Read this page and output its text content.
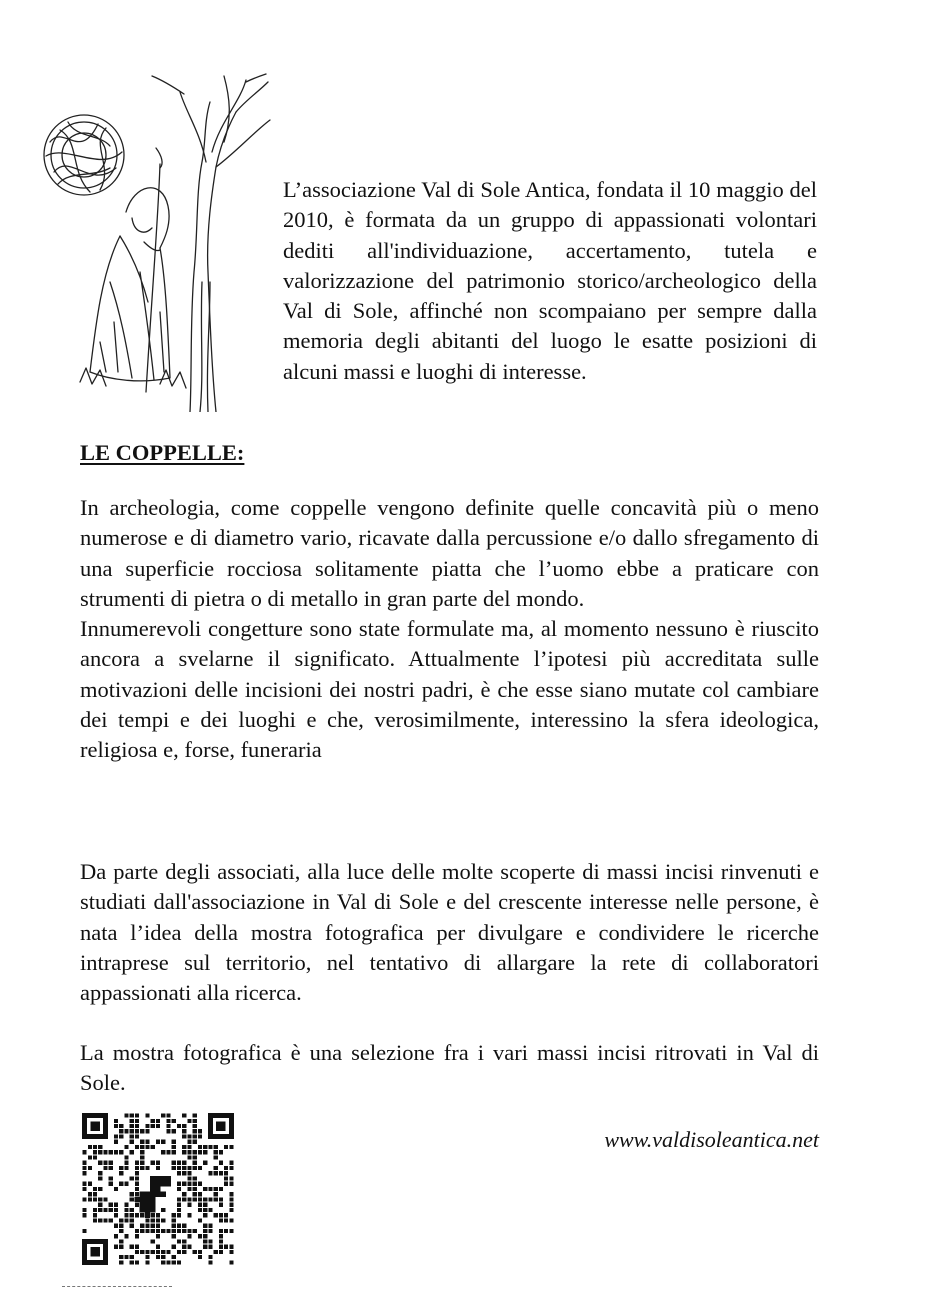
L’associazione Val di Sole Antica, fondata il 10 maggio del 2010, è formata da un gruppo di appassionati volontari dediti all'individuazione, accertamento, tutela e valorizzazione del patrimonio storico/archeologico della Val di Sole, affinché non scompaiano per sempre dalla memoria degli abitanti del luogo le esatte posizioni di alcuni massi e luoghi di interesse.
LE COPPELLE:

In archeologia, come coppelle vengono definite quelle concavità più o meno numerose e di diametro vario, ricavate dalla percussione e/o dallo sfregamento di una superficie rocciosa solitamente piatta che l’uomo ebbe a praticare con strumenti di pietra o di metallo in gran parte del mondo.

Innumerevoli congetture sono state formulate ma, al momento nessuno è riuscito ancora a svelarne il significato. Attualmente l’ipotesi più accreditata sulle motivazioni delle incisioni dei nostri padri, è che esse siano mutate col cambiare dei tempi e dei luoghi e che, verosimilmente, interessino la sfera ideologica, religiosa e, forse, funeraria

Da parte degli associati, alla luce delle molte scoperte di massi incisi rinvenuti e studiati dall'associazione in Val di Sole e del crescente interesse nelle persone, è nata l’idea della mostra fotografica per divulgare e condividere le ricerche intraprese sul territorio, nel tentativo di allargare la rete di collaboratori appassionati alla ricerca.
La mostra fotografica è una selezione fra i vari massi incisi ritrovati in Val di Sole.
www.valdisoleantica.net
